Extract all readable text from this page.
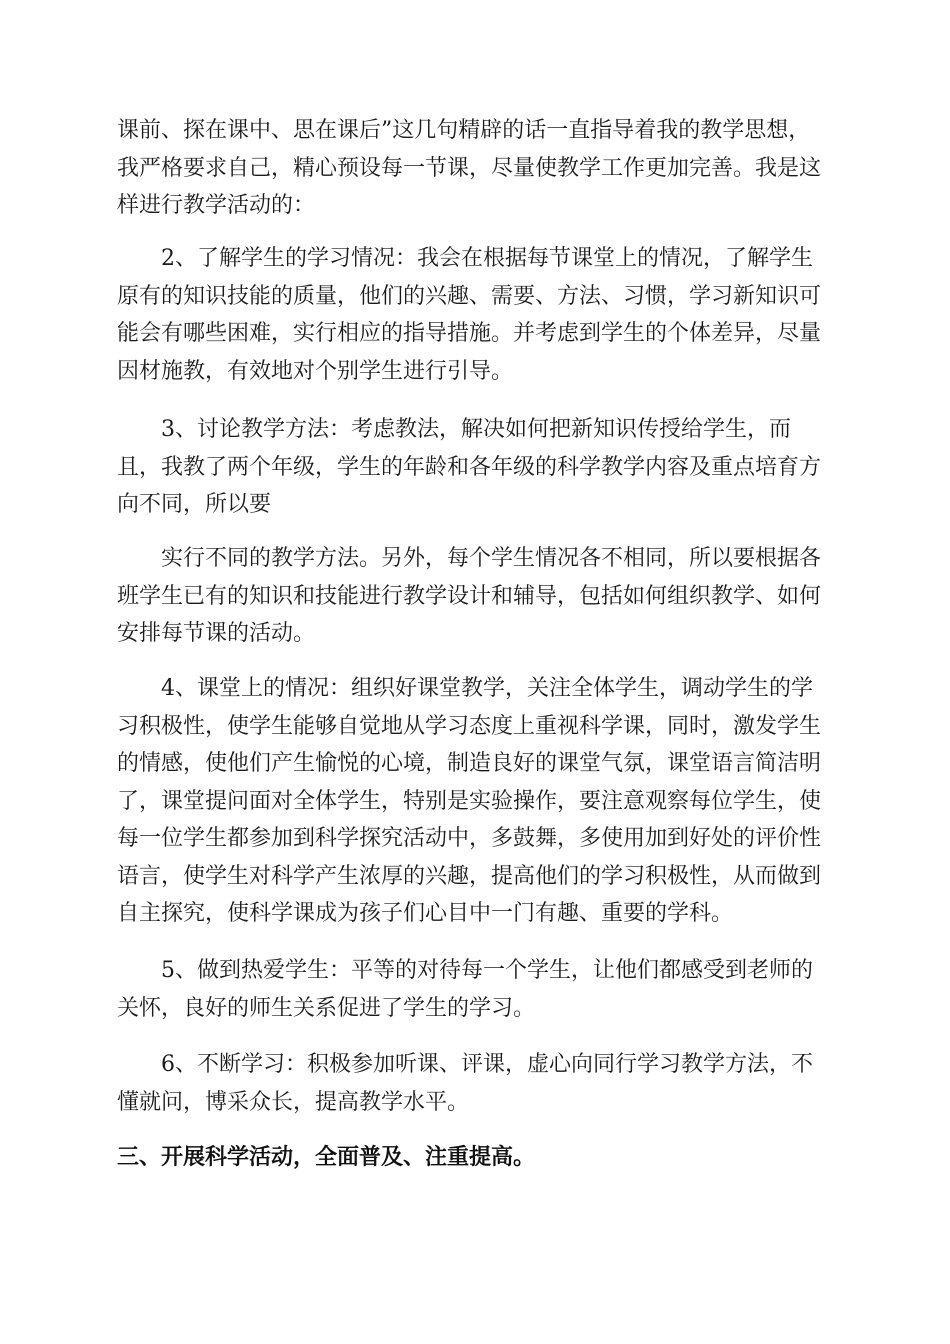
课前、探在课中、思在课后”这几句精辟的话一直指导着我的教学思想，
我严格要求自己，精心预设每一节课，尽量使教学工作更加完善。我是这
样进行教学活动的：
2、了解学生的学习情况：我会在根据每节课堂上的情况，了解学生
原有的知识技能的质量，他们的兴趣、需要、方法、习惯，学习新知识可
能会有哪些困难，实行相应的指导措施。并考虑到学生的个体差异，尽量
因材施教，有效地对个别学生进行引导。
3、讨论教学方法：考虑教法，解决如何把新知识传授给学生，而
且，我教了两个年级，学生的年龄和各年级的科学教学内容及重点培育方
向不同，所以要
实行不同的教学方法。另外，每个学生情况各不相同，所以要根据各
班学生已有的知识和技能进行教学设计和辅导，包括如何组织教学、如何
安排每节课的活动。
4、课堂上的情况：组织好课堂教学，关注全体学生，调动学生的学
习积极性，使学生能够自觉地从学习态度上重视科学课，同时，激发学生
的情感，使他们产生愉悦的心境，制造良好的课堂气氛，课堂语言简洁明
了，课堂提问面对全体学生，特别是实验操作，要注意观察每位学生，使
每一位学生都参加到科学探究活动中，多鼓舞，多使用加到好处的评价性
语言，使学生对科学产生浓厚的兴趣，提高他们的学习积极性，从而做到
自主探究，使科学课成为孩子们心目中一门有趣、重要的学科。
5、做到热爱学生：平等的对待每一个学生，让他们都感受到老师的
关怀，良好的师生关系促进了学生的学习。
6、不断学习：积极参加听课、评课，虚心向同行学习教学方法，不
懂就问，博采众长，提高教学水平。
三、开展科学活动，全面普及、注重提高。
